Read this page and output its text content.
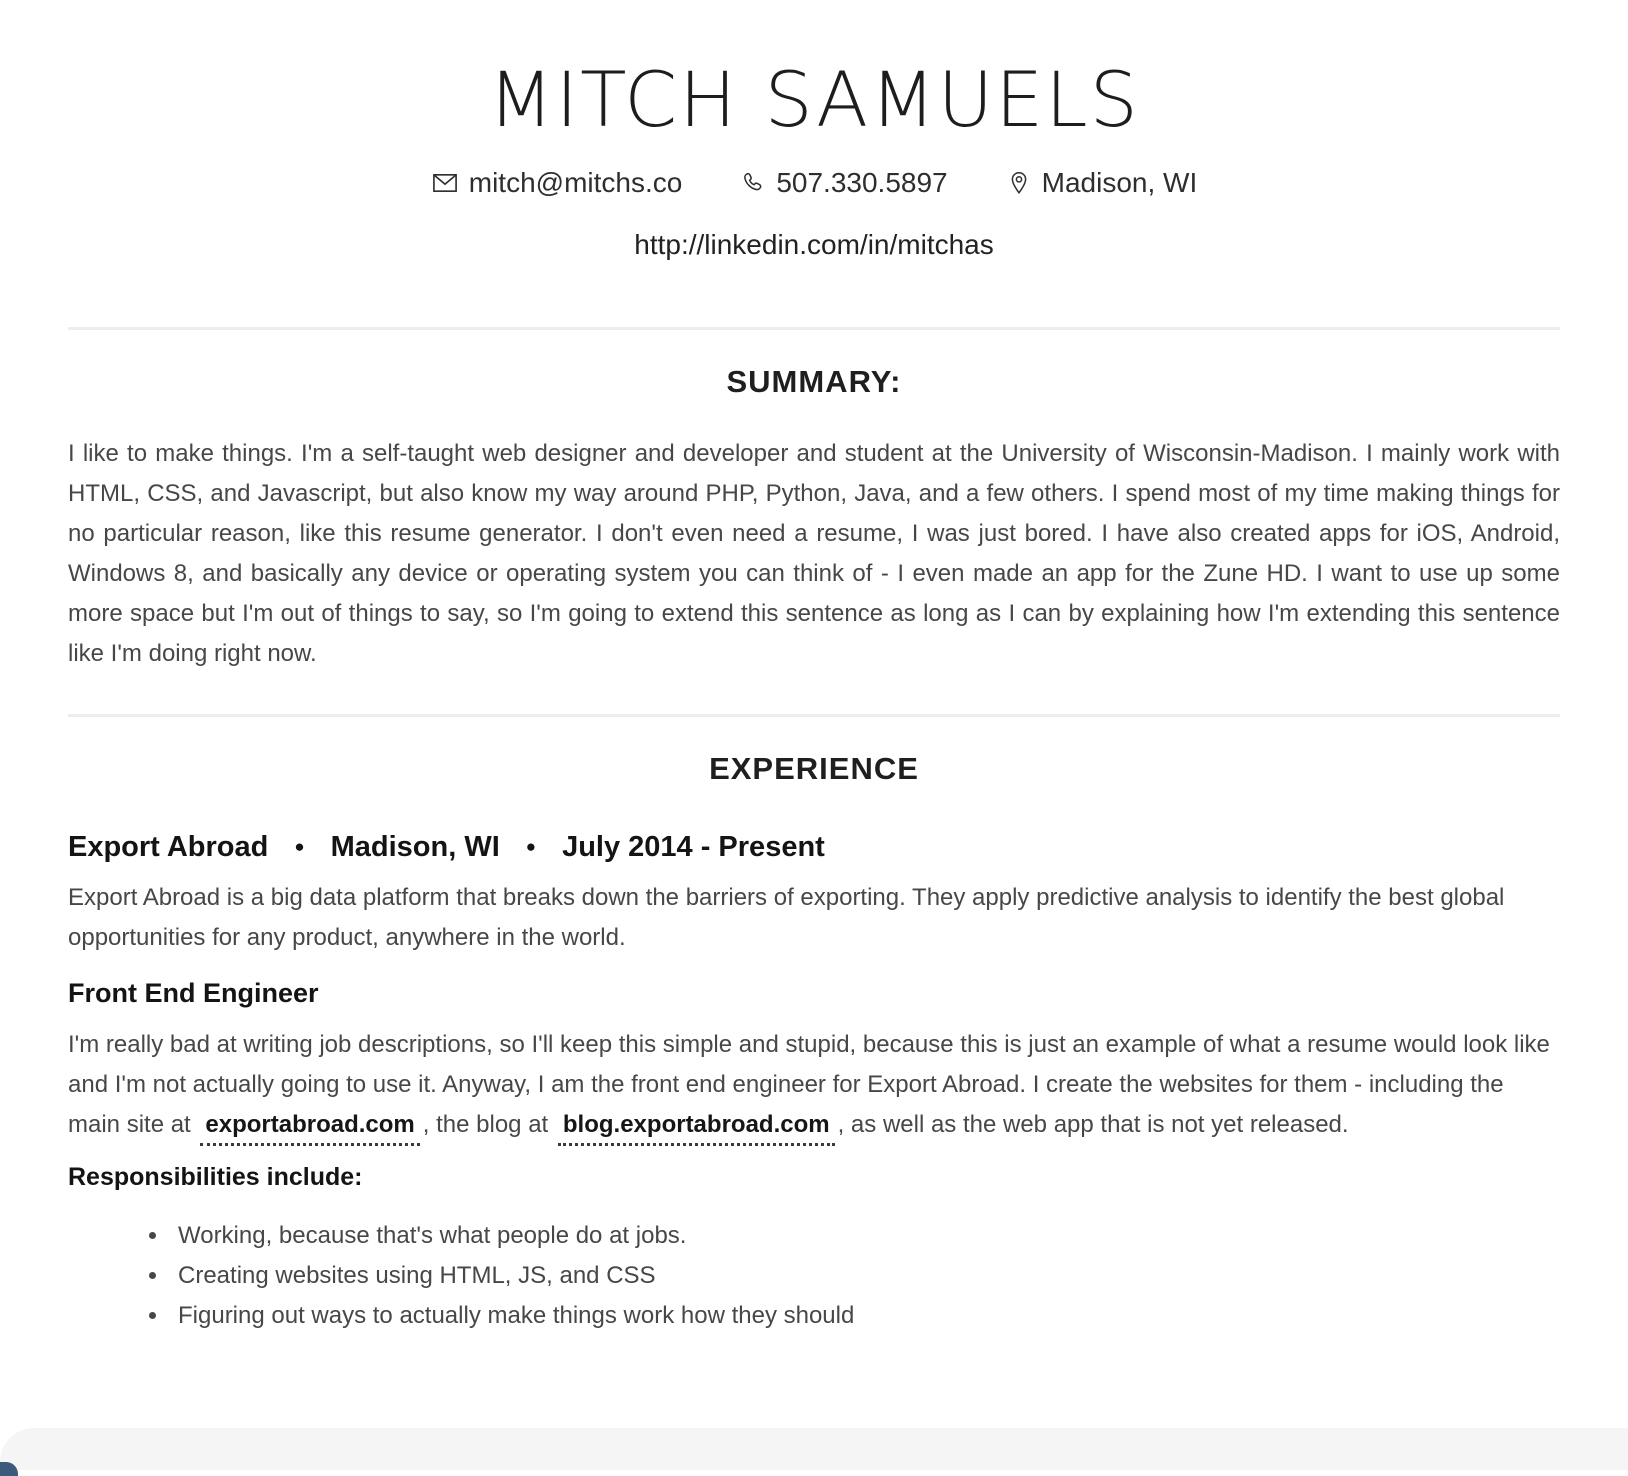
MITCH SAMUELS
mitch@mitchs.co	507.330.5897	Madison, WI
http://linkedin.com/in/mitchas
SUMMARY:

I like to make things. I'm a self-taught web designer and developer and student at the University of Wisconsin-Madison. I mainly work with HTML, CSS, and Javascript, but also know my way around PHP, Python, Java, and a few others. I spend most of my time making things for no particular reason, like this resume generator. I don't even need a resume, I was just bored. I have also created apps for iOS, Android, Windows 8, and basically any device or operating system you can think of - I even made an app for the Zune HD. I want to use up some more space but I'm out of things to say, so I'm going to extend this sentence as long as I can by explaining how I'm extending this sentence like I'm doing right now.

EXPERIENCE
Export Abroad ● Madison, WI ● July 2014 - Present

Export Abroad is a big data platform that breaks down the barriers of exporting. They apply predictive analysis to identify the best global opportunities for any product, anywhere in the world.

Front End Engineer

I'm really bad at writing job descriptions, so I'll keep this simple and stupid, because this is just an example of what a resume would look like and I'm not actually going to use it. Anyway, I am the front end engineer for Export Abroad. I create the websites for them - including the main site at exportabroad.com , the blog at blog.exportabroad.com , as well as the web app that is not yet released.

Responsibilities include:
• Working, because that's what people do at jobs.
• Creating websites using HTML, JS, and CSS
• Figuring out ways to actually make things work how they should
